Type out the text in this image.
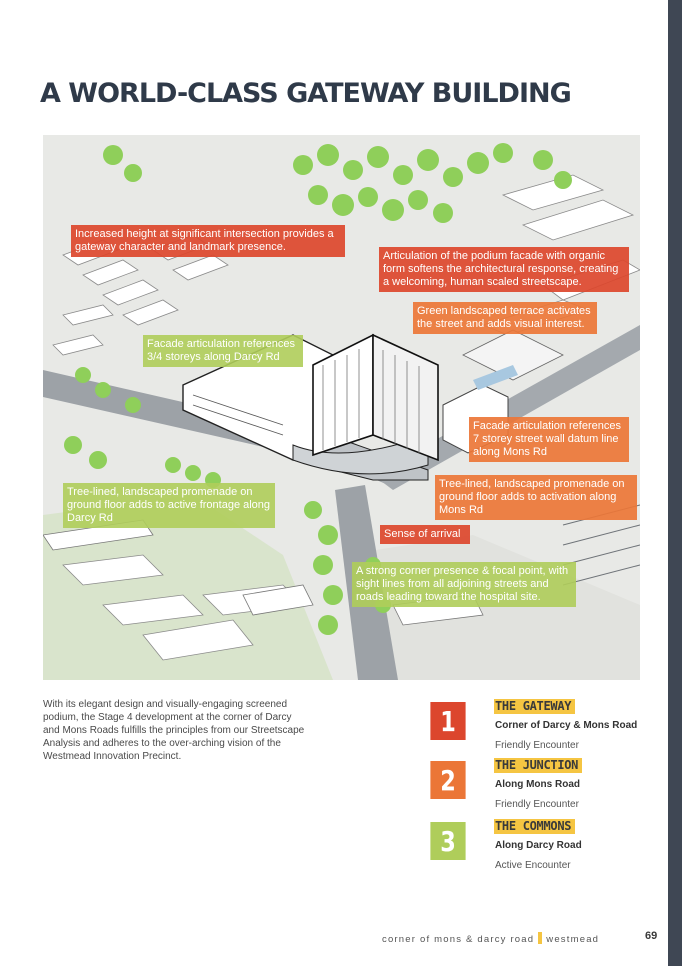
A WORLD-CLASS GATEWAY BUILDING
Increased height at significant intersection provides a gateway character and landmark presence.
Articulation of the podium facade with organic form softens the architectural response, creating a welcoming, human scaled streetscape.
Green landscaped terrace activates the street and adds visual interest.
Facade articulation references 3/4 storeys along Darcy Rd
Facade articulation references 7 storey street wall datum line along Mons Rd
Tree-lined, landscaped promenade on ground floor adds to active frontage along Darcy Rd
Tree-lined, landscaped promenade on ground floor adds to activation along Mons Rd
Sense of arrival
A strong corner presence & focal point, with sight lines from all adjoining streets and roads leading toward the hospital site.

With its elegant design and visually-engaging screened podium, the Stage 4 development at the corner of Darcy and Mons Roads fulfills the principles from our Streetscape Analysis and adheres to the over-arching vision of the Westmead Innovation Precinct.

1	THE GATEWAY
Corner of Darcy & Mons Road
Friendly Encounter
2	THE JUNCTION
Along Mons Road
Friendly Encounter
3	THE COMMONS
Along Darcy Road
Active Encounter
corner of mons & darcy road westmead	69
